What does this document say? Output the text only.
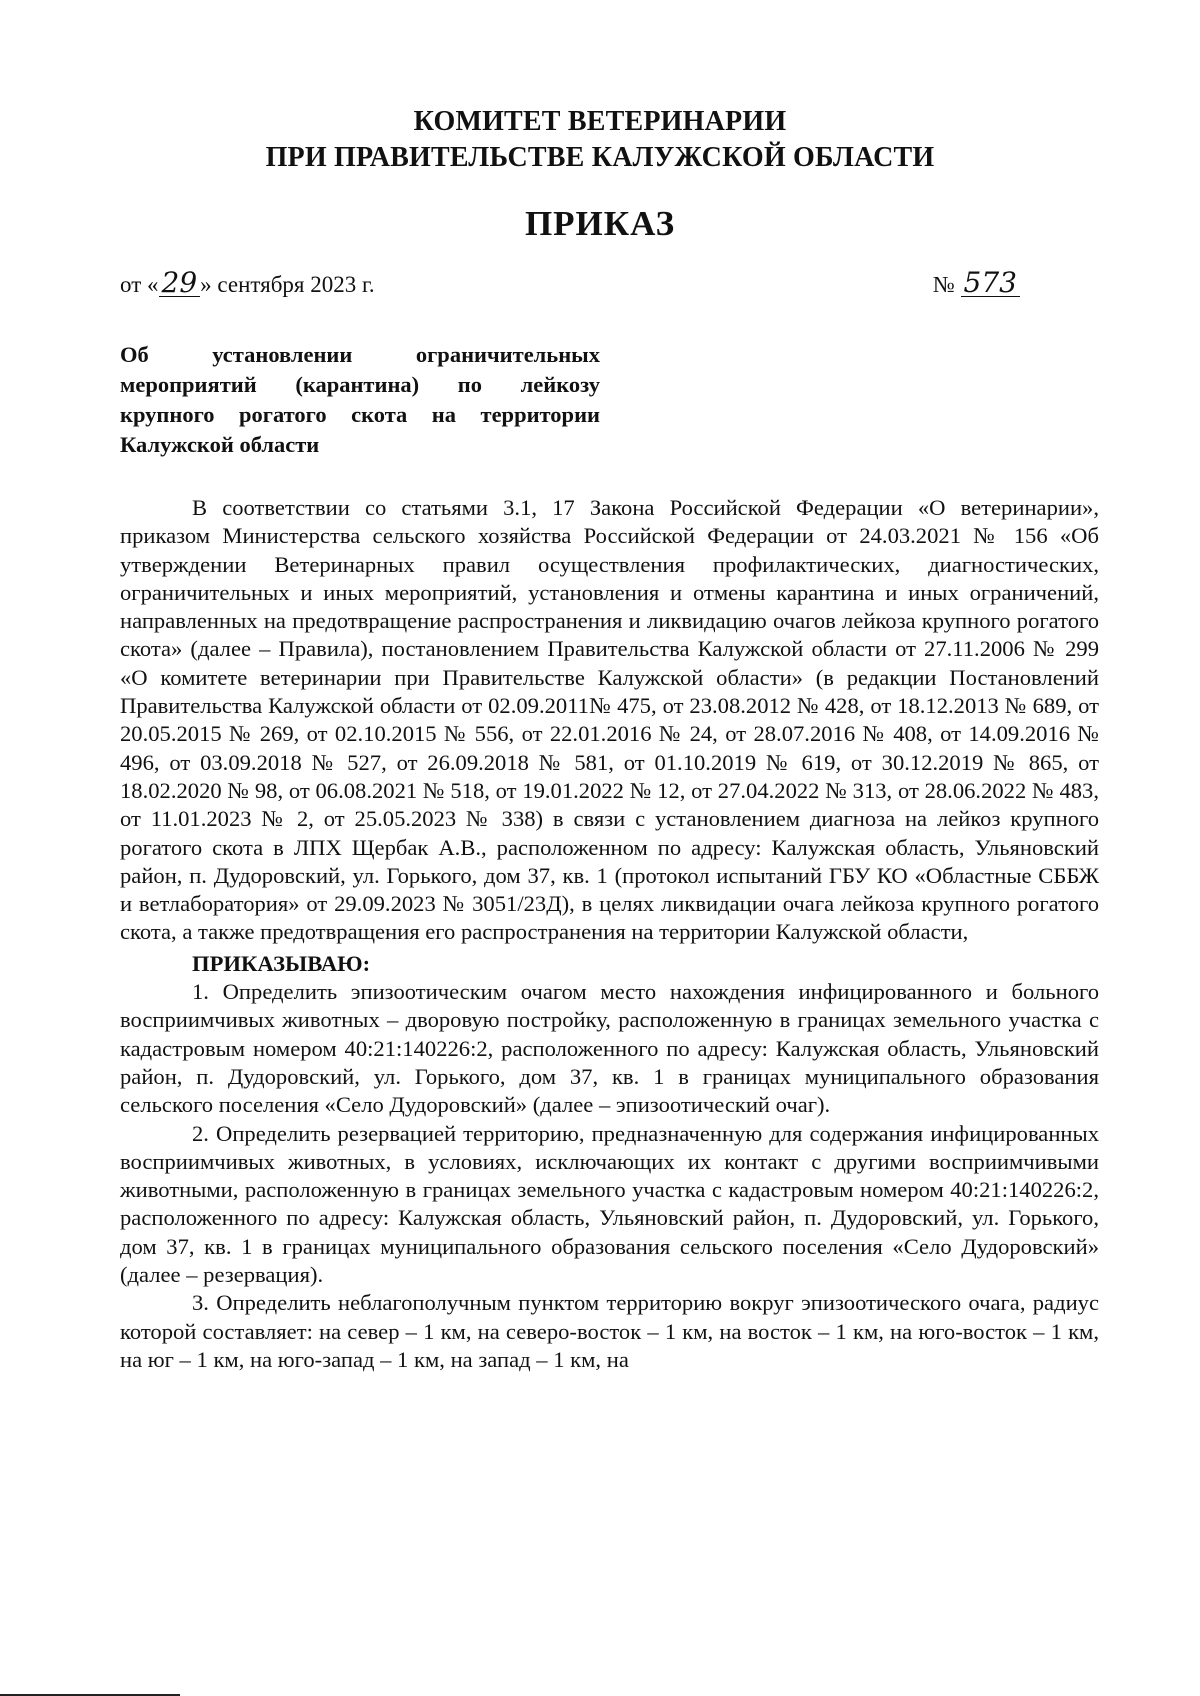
КОМИТЕТ ВЕТЕРИНАРИИ
ПРИ ПРАВИТЕЛЬСТВЕ КАЛУЖСКОЙ ОБЛАСТИ
ПРИКАЗ
от « 29 » сентября 2023 г.	№ 573
Об установлении ограничительных мероприятий (карантина) по лейкозу крупного рогатого скота на территории Калужской области

В соответствии со статьями 3.1, 17 Закона Российской Федерации «О ветеринарии», приказом Министерства сельского хозяйства Российской Федерации от 24.03.2021 № 156 «Об утверждении Ветеринарных правил осуществления профилактических, диагностических, ограничительных и иных мероприятий, установления и отмены карантина и иных ограничений, направленных на предотвращение распространения и ликвидацию очагов лейкоза крупного рогатого скота» (далее – Правила), постановлением Правительства Калужской области от 27.11.2006 № 299 «О комитете ветеринарии при Правительстве Калужской области» (в редакции Постановлений Правительства Калужской области от 02.09.2011№ 475, от 23.08.2012 № 428, от 18.12.2013 № 689, от 20.05.2015 № 269, от 02.10.2015 № 556, от 22.01.2016 № 24, от 28.07.2016 № 408, от 14.09.2016 № 496, от 03.09.2018 № 527, от 26.09.2018 № 581, от 01.10.2019 № 619, от 30.12.2019 № 865, от 18.02.2020 № 98, от 06.08.2021 № 518, от 19.01.2022 № 12, от 27.04.2022 № 313, от 28.06.2022 № 483, от 11.01.2023 № 2, от 25.05.2023 № 338) в связи с установлением диагноза на лейкоз крупного рогатого скота в ЛПХ Щербак А.В., расположенном по адресу: Калужская область, Ульяновский район, п. Дудоровский, ул. Горького, дом 37, кв. 1 (протокол испытаний ГБУ КО «Областные СББЖ и ветлаборатория» от 29.09.2023 № 3051/23Д), в целях ликвидации очага лейкоза крупного рогатого скота, а также предотвращения его распространения на территории Калужской области,

ПРИКАЗЫВАЮ:

1. Определить эпизоотическим очагом место нахождения инфицированного и больного восприимчивых животных – дворовую постройку, расположенную в границах земельного участка с кадастровым номером 40:21:140226:2, расположенного по адресу: Калужская область, Ульяновский район, п. Дудоровский, ул. Горького, дом 37, кв. 1 в границах муниципального образования сельского поселения «Село Дудоровский» (далее – эпизоотический очаг).

2. Определить резервацией территорию, предназначенную для содержания инфицированных восприимчивых животных, в условиях, исключающих их контакт с другими восприимчивыми животными, расположенную в границах земельного участка с кадастровым номером 40:21:140226:2, расположенного по адресу: Калужская область, Ульяновский район, п. Дудоровский, ул. Горького, дом 37, кв. 1 в границах муниципального образования сельского поселения «Село Дудоровский» (далее – резервация).

3. Определить неблагополучным пунктом территорию вокруг эпизоотического очага, радиус которой составляет: на север – 1 км, на северо-восток – 1 км, на восток – 1 км, на юго-восток – 1 км, на юг – 1 км, на юго-запад – 1 км, на запад – 1 км, на
